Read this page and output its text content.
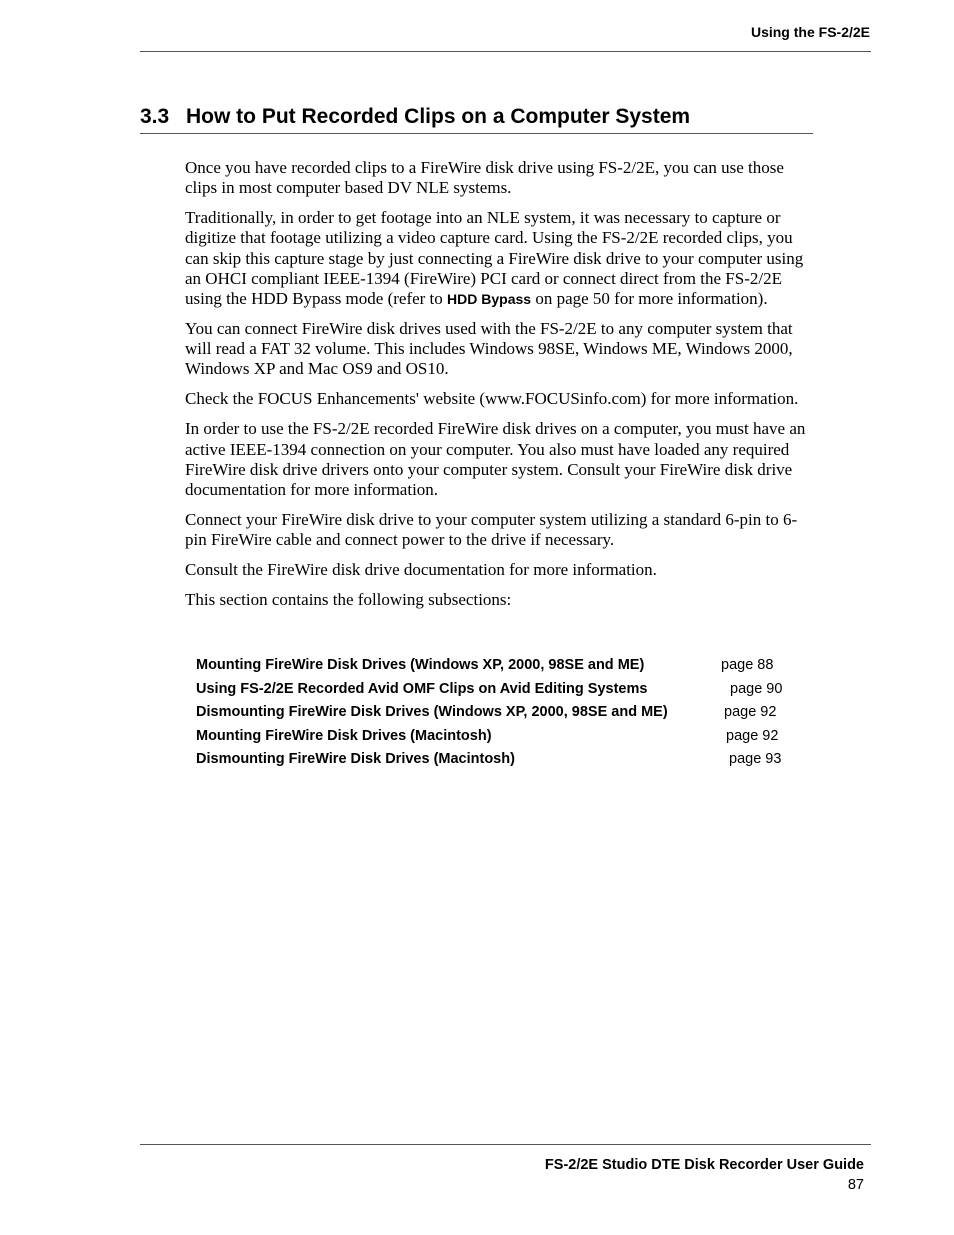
Using the FS-2/2E
3.3 How to Put Recorded Clips on a Computer System

Once you have recorded clips to a FireWire disk drive using FS-2/2E, you can use those clips in most computer based DV NLE systems.

Traditionally, in order to get footage into an NLE system, it was necessary to capture or digitize that footage utilizing a video capture card. Using the FS-2/2E recorded clips, you can skip this capture stage by just connecting a FireWire disk drive to your computer using an OHCI compliant IEEE-1394 (FireWire) PCI card or connect direct from the FS-2/2E using the HDD Bypass mode (refer to HDD Bypass on page 50 for more information).

You can connect FireWire disk drives used with the FS-2/2E to any computer system that will read a FAT 32 volume. This includes Windows 98SE, Windows ME, Windows 2000, Windows XP and Mac OS9 and OS10.

Check the FOCUS Enhancements' website (www.FOCUSinfo.com) for more information.

In order to use the FS-2/2E recorded FireWire disk drives on a computer, you must have an active IEEE-1394 connection on your computer. You also must have loaded any required FireWire disk drive drivers onto your computer system. Consult your FireWire disk drive documentation for more information.

Connect your FireWire disk drive to your computer system utilizing a standard 6-pin to 6-pin FireWire cable and connect power to the drive if necessary.

Consult the FireWire disk drive documentation for more information.

This section contains the following subsections:

Mounting FireWire Disk Drives (Windows XP, 2000, 98SE and ME)	page 88
Using FS-2/2E Recorded Avid OMF Clips on Avid Editing Systems	page 90
Dismounting FireWire Disk Drives (Windows XP, 2000, 98SE and ME)	page 92
Mounting FireWire Disk Drives (Macintosh)	page 92
Dismounting FireWire Disk Drives (Macintosh)	page 93
FS-2/2E Studio DTE Disk Recorder User Guide
87
